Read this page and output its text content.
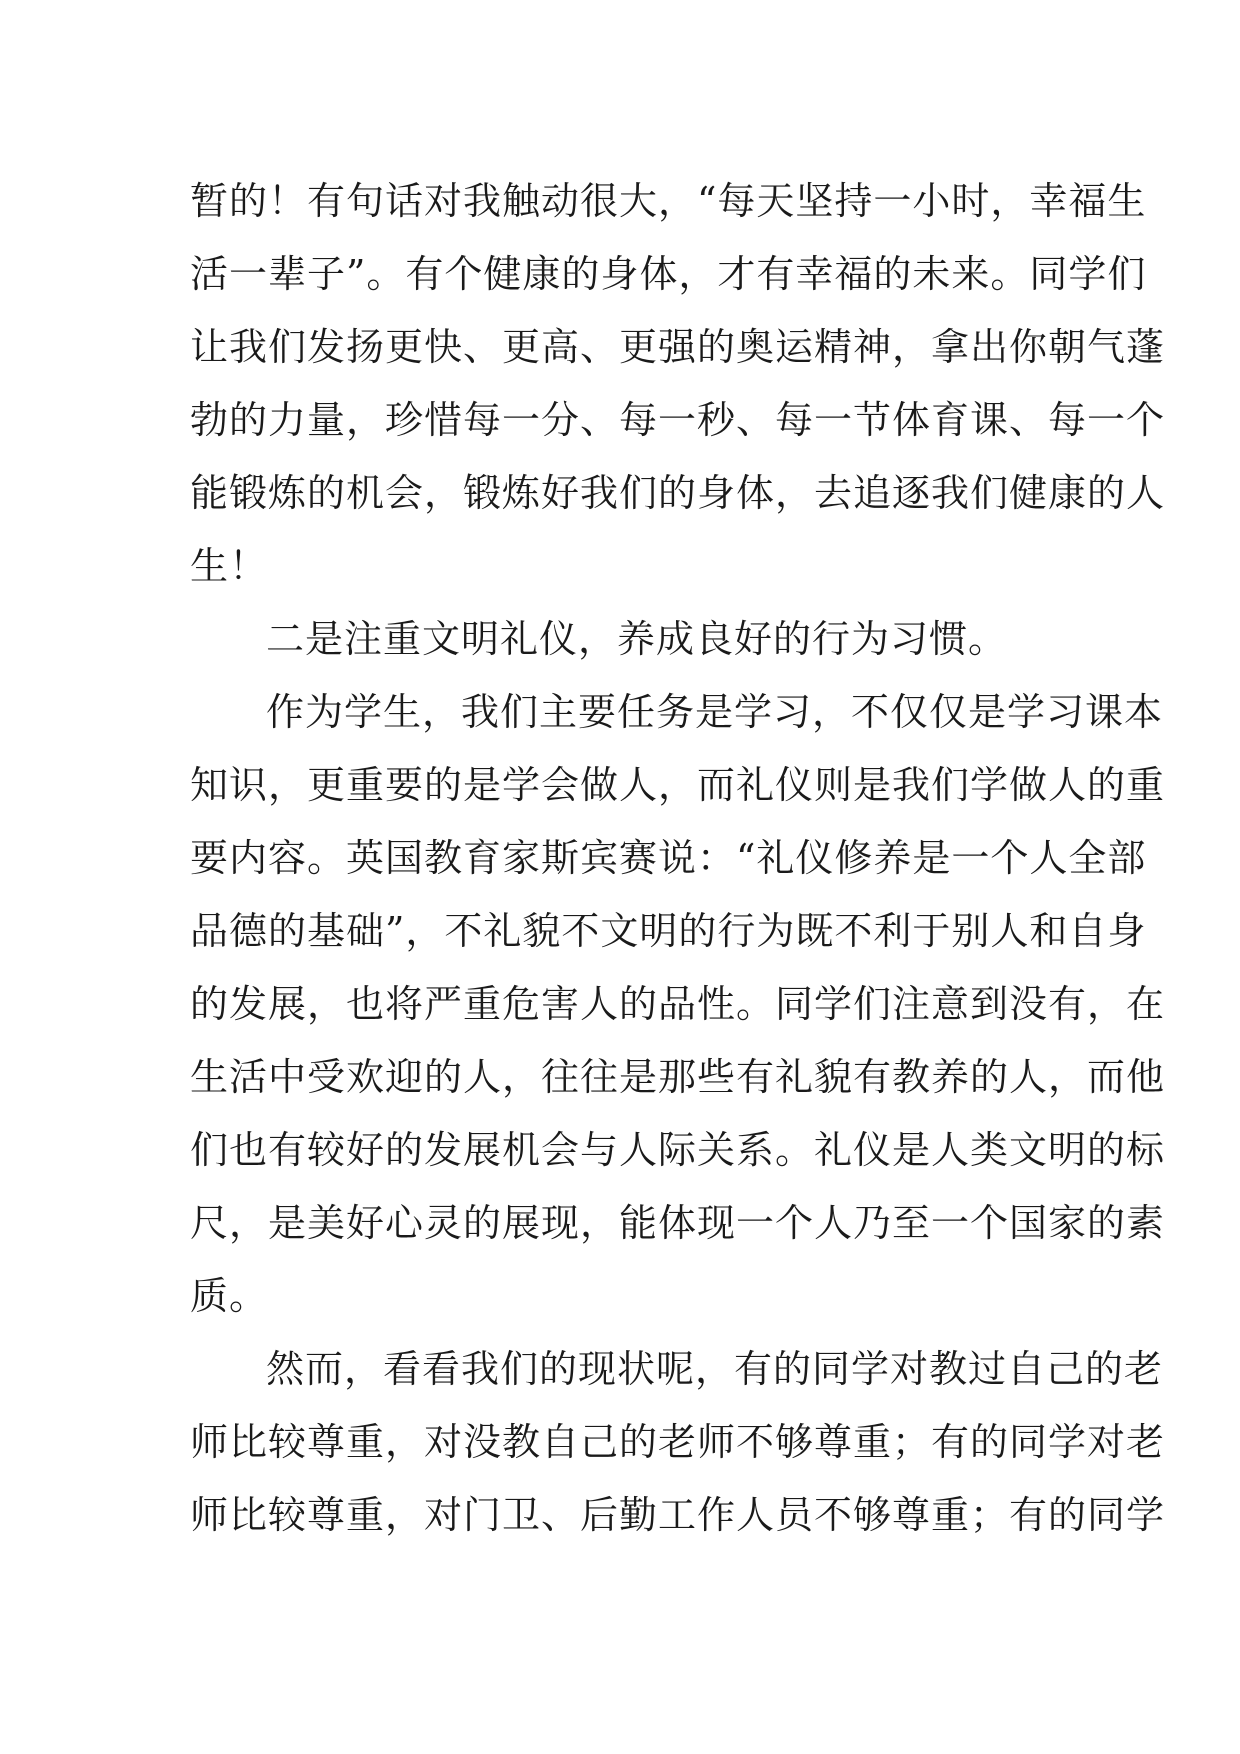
暂的！有句话对我触动很大，“每天坚持一小时，幸福生
活一辈子”。有个健康的身体，才有幸福的未来。同学们
让我们发扬更快、更高、更强的奥运精神，拿出你朝气蓬
勃的力量，珍惜每一分、每一秒、每一节体育课、每一个
能锻炼的机会，锻炼好我们的身体，去追逐我们健康的人
生！
二是注重文明礼仪，养成良好的行为习惯。
作为学生，我们主要任务是学习，不仅仅是学习课本
知识，更重要的是学会做人，而礼仪则是我们学做人的重
要内容。英国教育家斯宾赛说：“礼仪修养是一个人全部
品德的基础”，不礼貌不文明的行为既不利于别人和自身
的发展，也将严重危害人的品性。同学们注意到没有，在
生活中受欢迎的人，往往是那些有礼貌有教养的人，而他
们也有较好的发展机会与人际关系。礼仪是人类文明的标
尺，是美好心灵的展现，能体现一个人乃至一个国家的素
质。
然而，看看我们的现状呢，有的同学对教过自己的老
师比较尊重，对没教自己的老师不够尊重；有的同学对老
师比较尊重，对门卫、后勤工作人员不够尊重；有的同学
